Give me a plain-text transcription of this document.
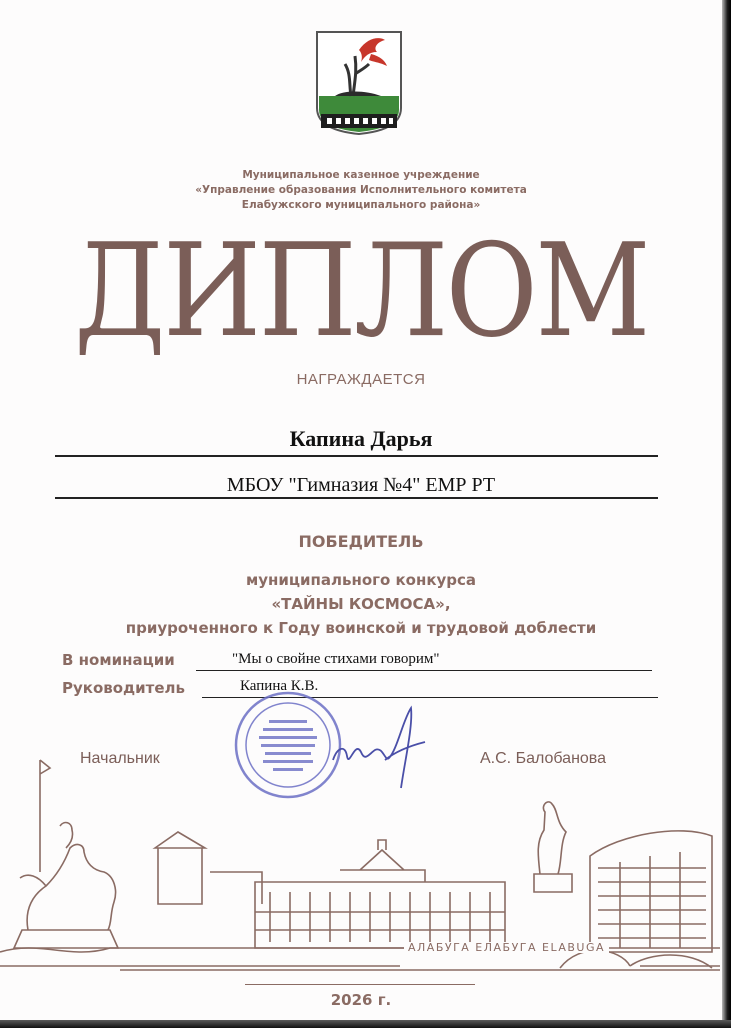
Муниципальное казенное учреждение
«Управление образования Исполнительного комитета
Елабужского муниципального района»
ДИПЛОМ
НАГРАЖДАЕТСЯ
Капина Дарья
МБОУ "Гимназия №4" ЕМР РТ
ПОБЕДИТЕЛЬ
муниципального конкурса
«ТАЙНЫ КОСМОСА»,
приуроченного к Году воинской и трудовой доблести
В номинации	"Мы о свойне стихами говорим"
Руководитель	Капина К.В.
Начальник	А.С. Балобанова
АЛАБУГА ЕЛАБУГА ELABUGA
2026 г.
